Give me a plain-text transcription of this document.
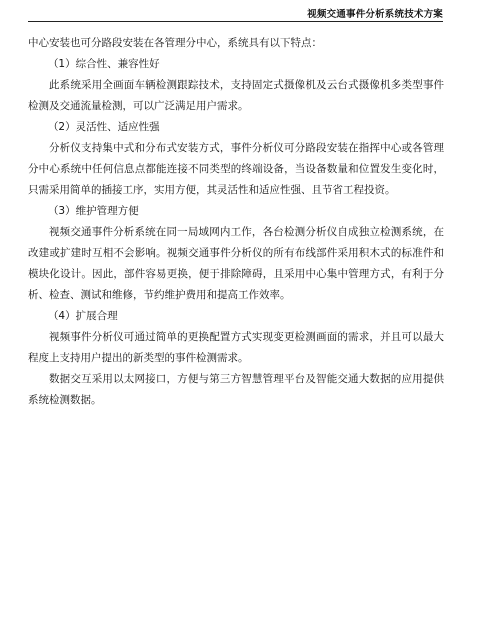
视频交通事件分析系统技术方案

中心安装也可分路段安装在各管理分中心，系统具有以下特点：

（1）综合性、兼容性好

此系统采用全画面车辆检测跟踪技术，支持固定式摄像机及云台式摄像机多类型事件检测及交通流量检测，可以广泛满足用户需求。

（2）灵活性、适应性强

分析仪支持集中式和分布式安装方式，事件分析仪可分路段安装在指挥中心或各管理分中心系统中任何信息点都能连接不同类型的终端设备，当设备数量和位置发生变化时，只需采用简单的插接工序，实用方便，其灵活性和适应性强、且节省工程投资。

（3）维护管理方便

视频交通事件分析系统在同一局域网内工作，各台检测分析仪自成独立检测系统，在改建或扩建时互相不会影响。视频交通事件分析仪的所有布线部件采用积木式的标准件和模块化设计。因此，部件容易更换，便于排除障碍，且采用中心集中管理方式，有利于分析、检查、测试和维修，节约维护费用和提高工作效率。

（4）扩展合理

视频事件分析仪可通过简单的更换配置方式实现变更检测画面的需求，并且可以最大程度上支持用户提出的新类型的事件检测需求。

数据交互采用以太网接口，方便与第三方智慧管理平台及智能交通大数据的应用提供系统检测数据。
